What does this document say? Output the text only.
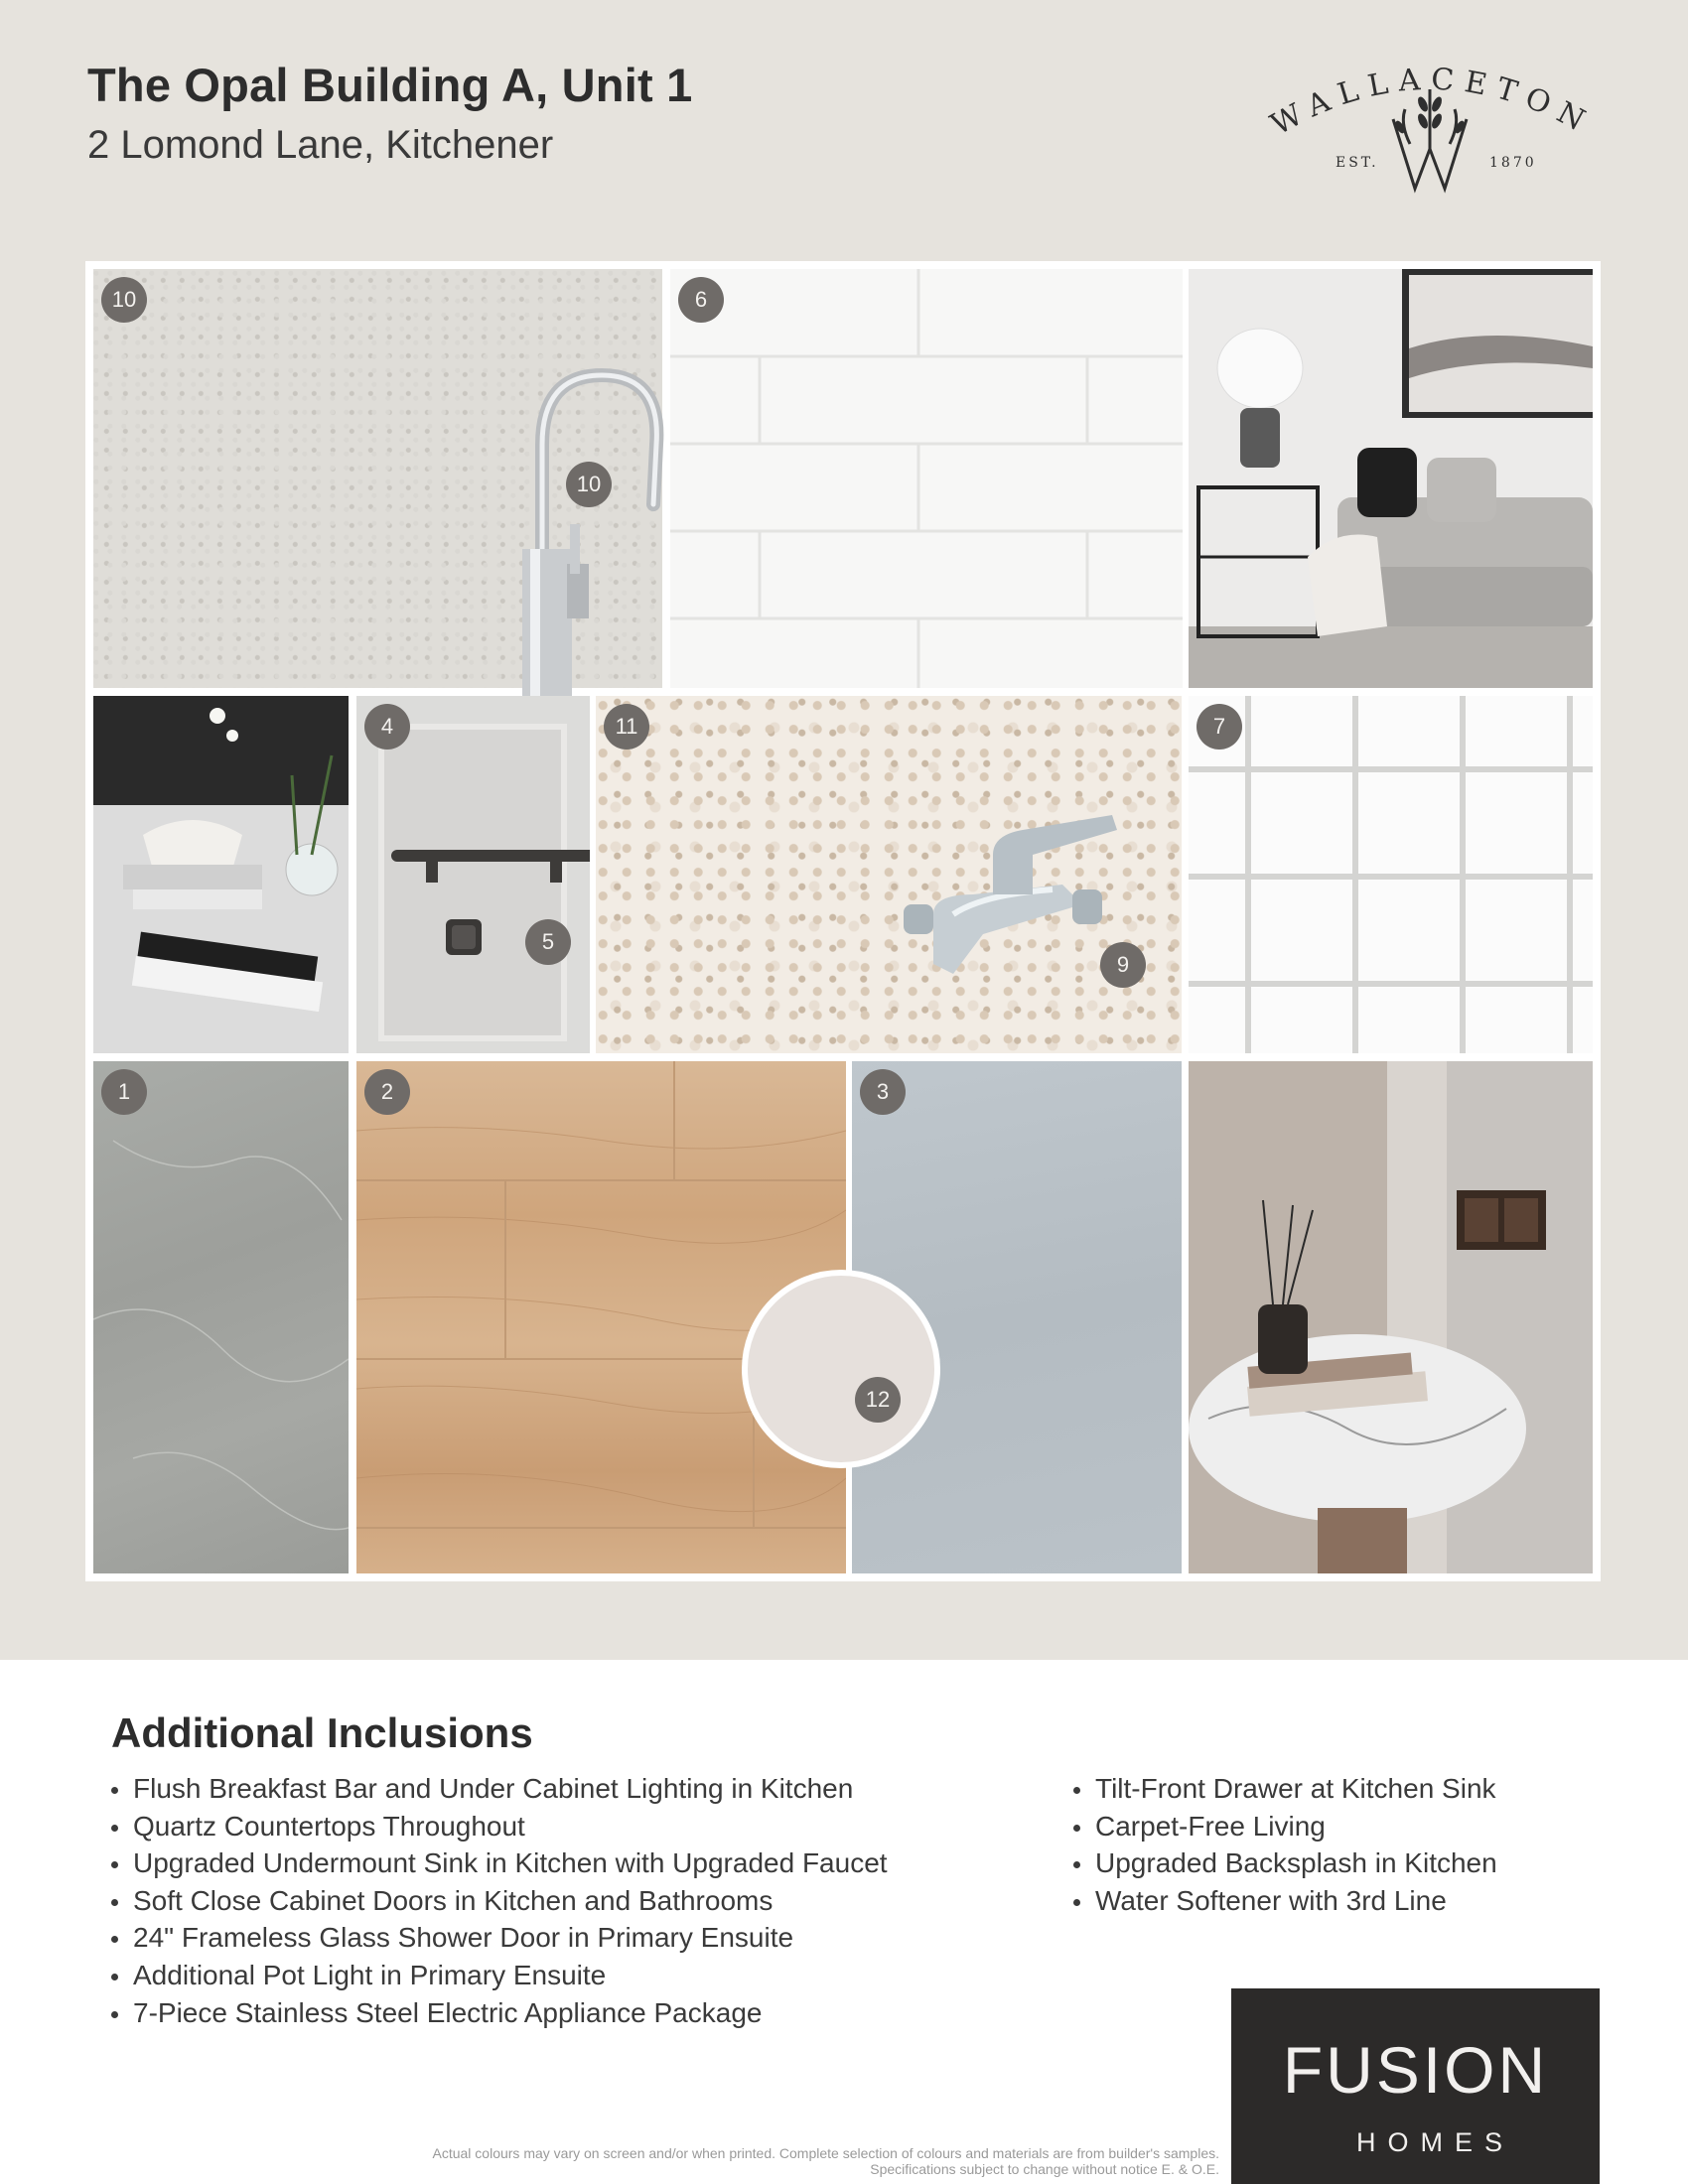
The Opal Building A, Unit 1
2 Lomond Lane, Kitchener
WALLACETON
EST.	1870
10
10
6
4
5
11
9
7
1	2	3
12
Additional Inclusions
Flush Breakfast Bar and Under Cabinet Lighting in Kitchen
Quartz Countertops Throughout
Upgraded Undermount Sink in Kitchen with Upgraded Faucet
Soft Close Cabinet Doors in Kitchen and Bathrooms
24" Frameless Glass Shower Door in Primary Ensuite
Additional Pot Light in Primary Ensuite
7-Piece Stainless Steel Electric Appliance Package
Tilt-Front Drawer at Kitchen Sink
Carpet-Free Living
Upgraded Backsplash in Kitchen
Water Softener with 3rd Line
FUSION
HOMES
Actual colours may vary on screen and/or when printed. Complete selection of colours and materials are from builder's samples.
Specifications subject to change without notice E. & O.E.
